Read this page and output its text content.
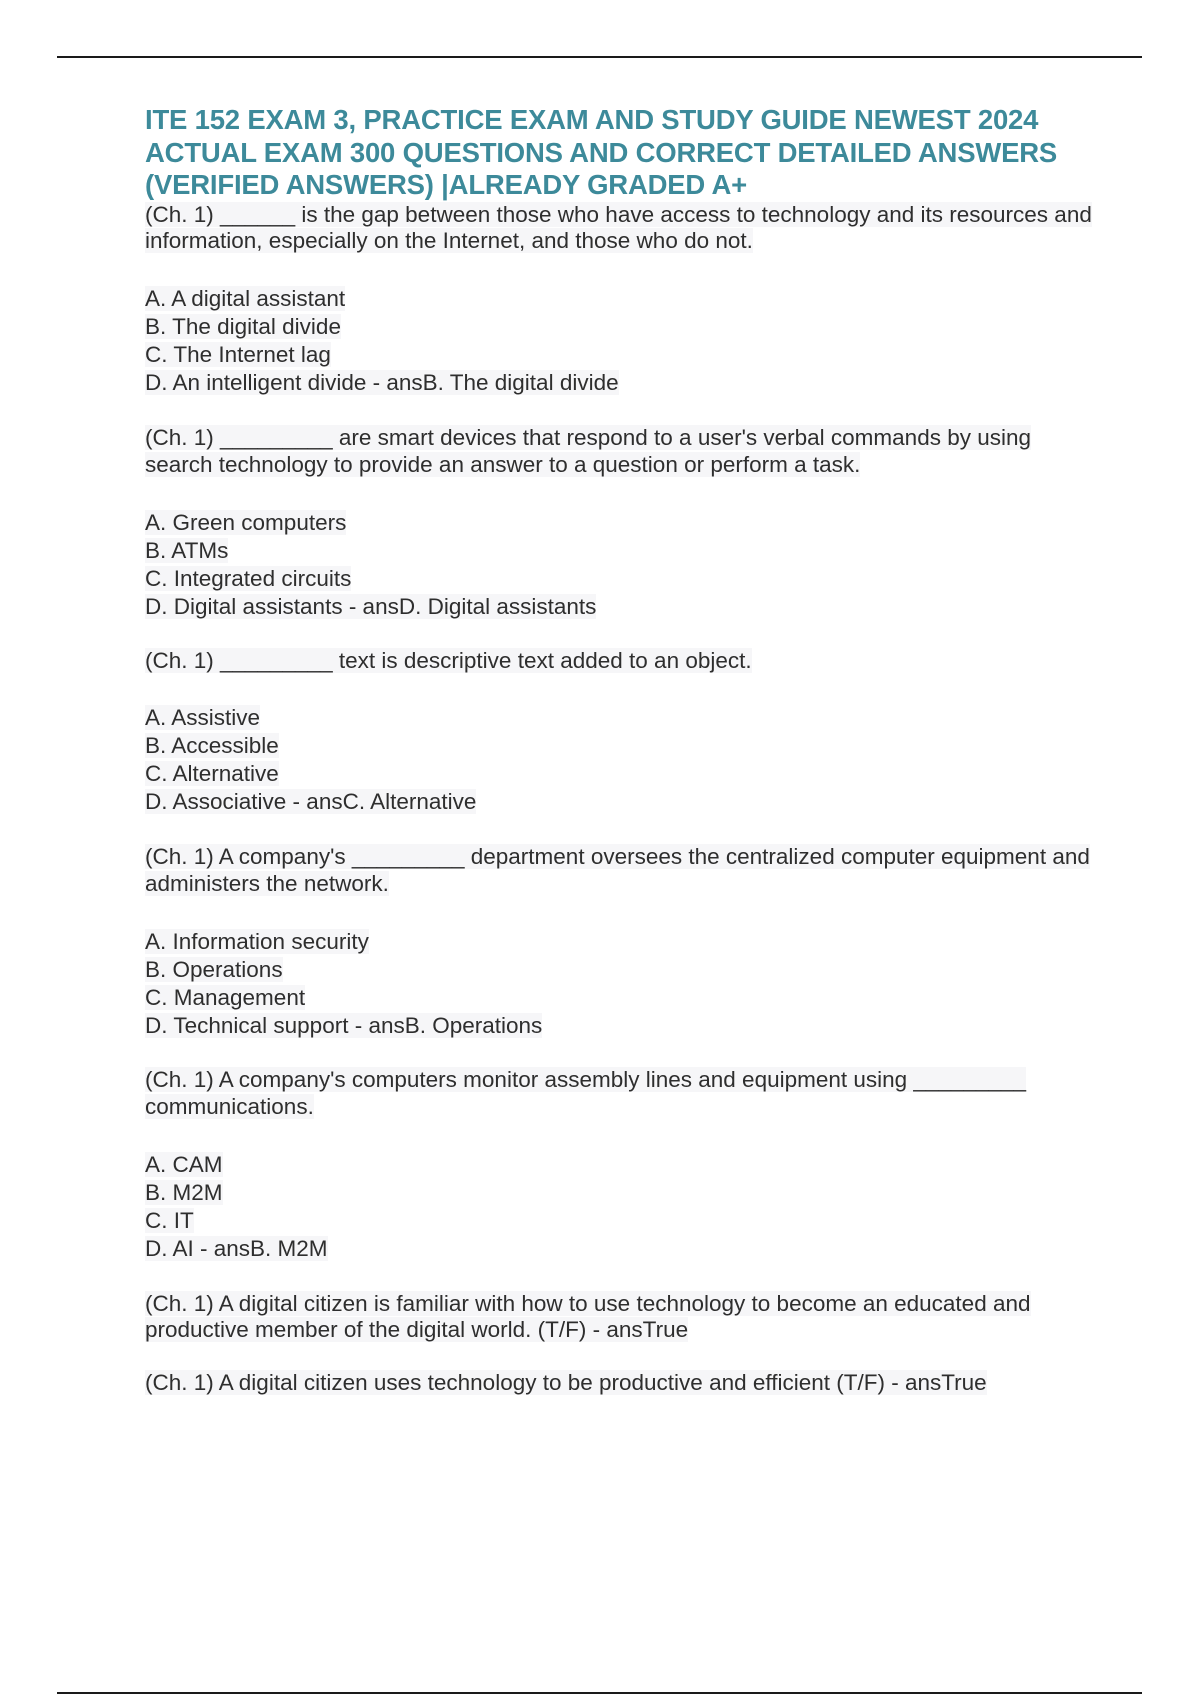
ITE 152 EXAM 3, PRACTICE EXAM AND STUDY GUIDE NEWEST 2024 ACTUAL EXAM 300 QUESTIONS AND CORRECT DETAILED ANSWERS (VERIFIED ANSWERS) |ALREADY GRADED A+

(Ch. 1) ______ is the gap between those who have access to technology and its resources and information, especially on the Internet, and those who do not.

A. A digital assistant
B. The digital divide
C. The Internet lag
D. An intelligent divide - ansB. The digital divide

(Ch. 1) _________ are smart devices that respond to a user's verbal commands by using search technology to provide an answer to a question or perform a task.

A. Green computers
B. ATMs
C. Integrated circuits
D. Digital assistants - ansD. Digital assistants

(Ch. 1) _________ text is descriptive text added to an object.

A. Assistive
B. Accessible
C. Alternative
D. Associative - ansC. Alternative

(Ch. 1) A company's _________ department oversees the centralized computer equipment and administers the network.

A. Information security
B. Operations
C. Management
D. Technical support - ansB. Operations

(Ch. 1) A company's computers monitor assembly lines and equipment using _________ communications.

A. CAM
B. M2M
C. IT
D. AI - ansB. M2M

(Ch. 1) A digital citizen is familiar with how to use technology to become an educated and productive member of the digital world. (T/F) - ansTrue

(Ch. 1) A digital citizen uses technology to be productive and efficient (T/F) - ansTrue
